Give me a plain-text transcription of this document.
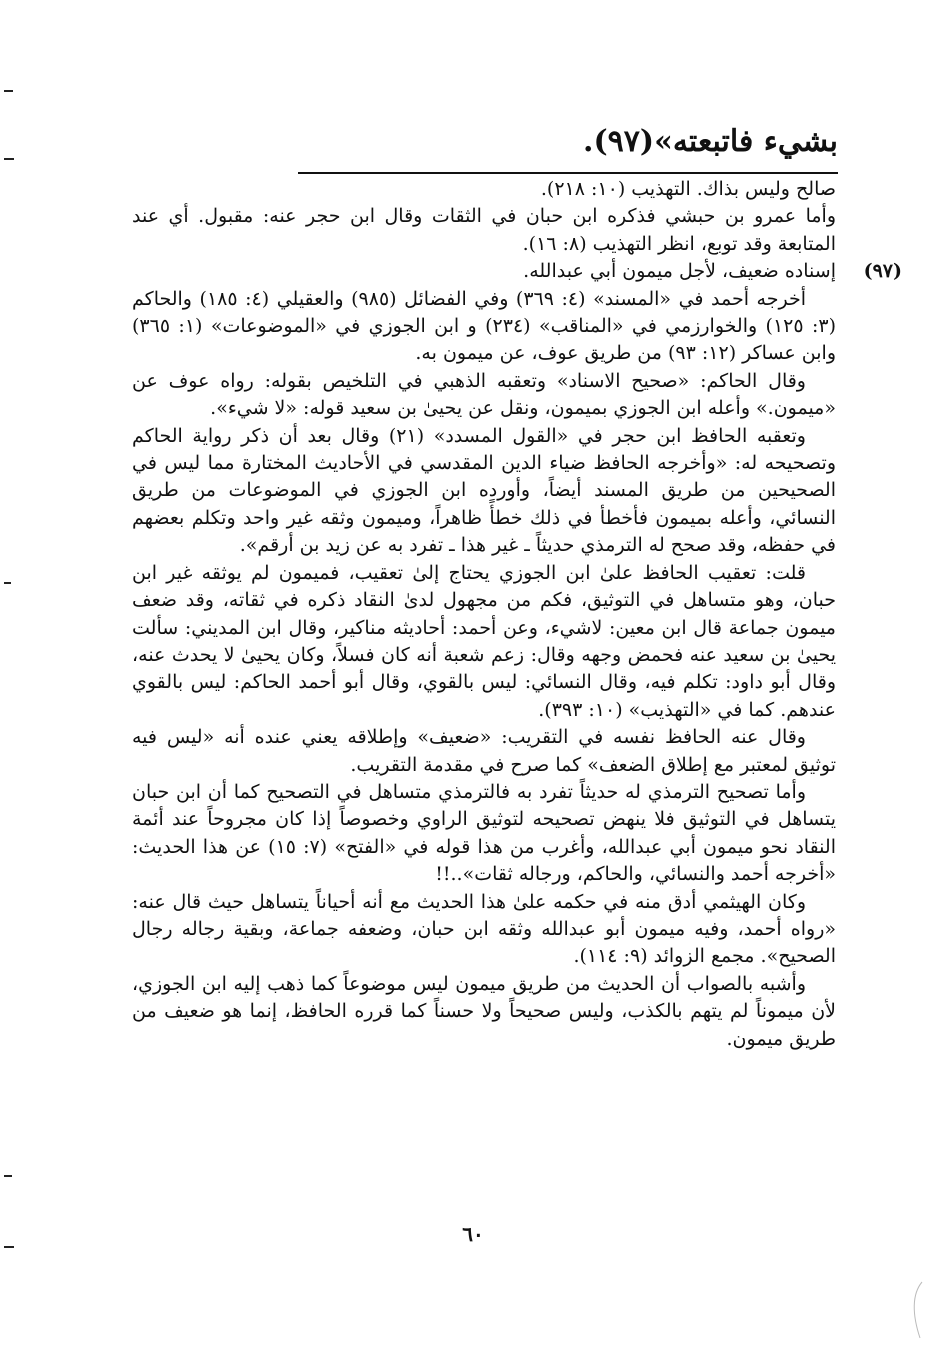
بشيء فاتبعته»(٩٧).

صالح وليس بذاك. التهذيب (١٠: ٢١٨).

وأما عمرو بن حبشي فذكره ابن حبان في الثقات وقال ابن حجر عنه: مقبول. أي عند المتابعة وقد توبع، انظر التهذيب (٨: ١٦).

(٩٧)

إسناده ضعيف، لأجل ميمون أبي عبدالله.

أخرجه أحمد في «المسند» (٤: ٣٦٩) وفي الفضائل (٩٨٥) والعقيلي (٤: ١٨٥) والحاكم (٣: ١٢٥) والخوارزمي في «المناقب» (٢٣٤) و ابن الجوزي في «الموضوعات» (١: ٣٦٥) وابن عساكر (١٢: ٩٣) من طريق عوف، عن ميمون به.

وقال الحاكم: «صحيح الاسناد» وتعقبه الذهبي في التلخيص بقوله: رواه عوف عن «ميمون.» وأعله ابن الجوزي بميمون، ونقل عن يحيىٰ بن سعيد قوله: «لا شيء».

وتعقبه الحافظ ابن حجر في «القول المسدد» (٢١) وقال بعد أن ذكر رواية الحاكم وتصحيحه له: «وأخرجه الحافظ ضياء الدين المقدسي في الأحاديث المختارة مما ليس في الصحيحين من طريق المسند أيضاً، وأورده ابن الجوزي في الموضوعات من طريق النسائي، وأعله بميمون فأخطأ في ذلك خطأً ظاهراً، وميمون وثقه غير واحد وتكلم بعضهم في حفظه، وقد صحح له الترمذي حديثاً ـ غير هذا ـ تفرد به عن زيد بن أرقم».

قلت: تعقيب الحافظ علىٰ ابن الجوزي يحتاج إلىٰ تعقيب، فميمون لم يوثقه غير ابن حبان، وهو متساهل في التوثيق، فكم من مجهول لدىٰ النقاد ذكره في ثقاته، وقد ضعف ميمون جماعة قال ابن معين: لاشيء، وعن أحمد: أحاديثه مناكير، وقال ابن المديني: سألت يحيىٰ بن سعيد عنه فحمض وجهه وقال: زعم شعبة أنه كان فسلاً، وكان يحيىٰ لا يحدث عنه، وقال أبو داود: تكلم فيه، وقال النسائي: ليس بالقوي، وقال أبو أحمد الحاكم: ليس بالقوي عندهم. كما في «التهذيب» (١٠: ٣٩٣).

وقال عنه الحافظ نفسه في التقريب: «ضعيف» وإطلاقه يعني عنده أنه «ليس فيه توثيق لمعتبر مع إطلاق الضعف» كما صرح في مقدمة التقريب.

وأما تصحيح الترمذي له حديثاً تفرد به فالترمذي متساهل في التصحيح كما أن ابن حبان يتساهل في التوثيق فلا ينهض تصحيحه لتوثيق الراوي وخصوصاً إذا كان مجروحاً عند أئمة النقاد نحو ميمون أبي عبدالله، وأغرب من هذا قوله في «الفتح» (٧: ١٥) عن هذا الحديث: «أخرجه أحمد والنسائي، والحاكم، ورجاله ثقات»..!!

وكان الهيثمي أدق منه في حكمه علىٰ هذا الحديث مع أنه أحياناً يتساهل حيث قال عنه: «رواه أحمد، وفيه ميمون أبو عبدالله وثقه ابن حبان، وضعفه جماعة، وبقية رجاله رجال الصحيح». مجمع الزوائد (٩: ١١٤).

وأشبه بالصواب أن الحديث من طريق ميمون ليس موضوعاً كما ذهب إليه ابن الجوزي، لأن ميموناً لم يتهم بالكذب، وليس صحيحاً ولا حسناً كما قرره الحافظ، إنما هو ضعيف من طريق ميمون.

٦٠
